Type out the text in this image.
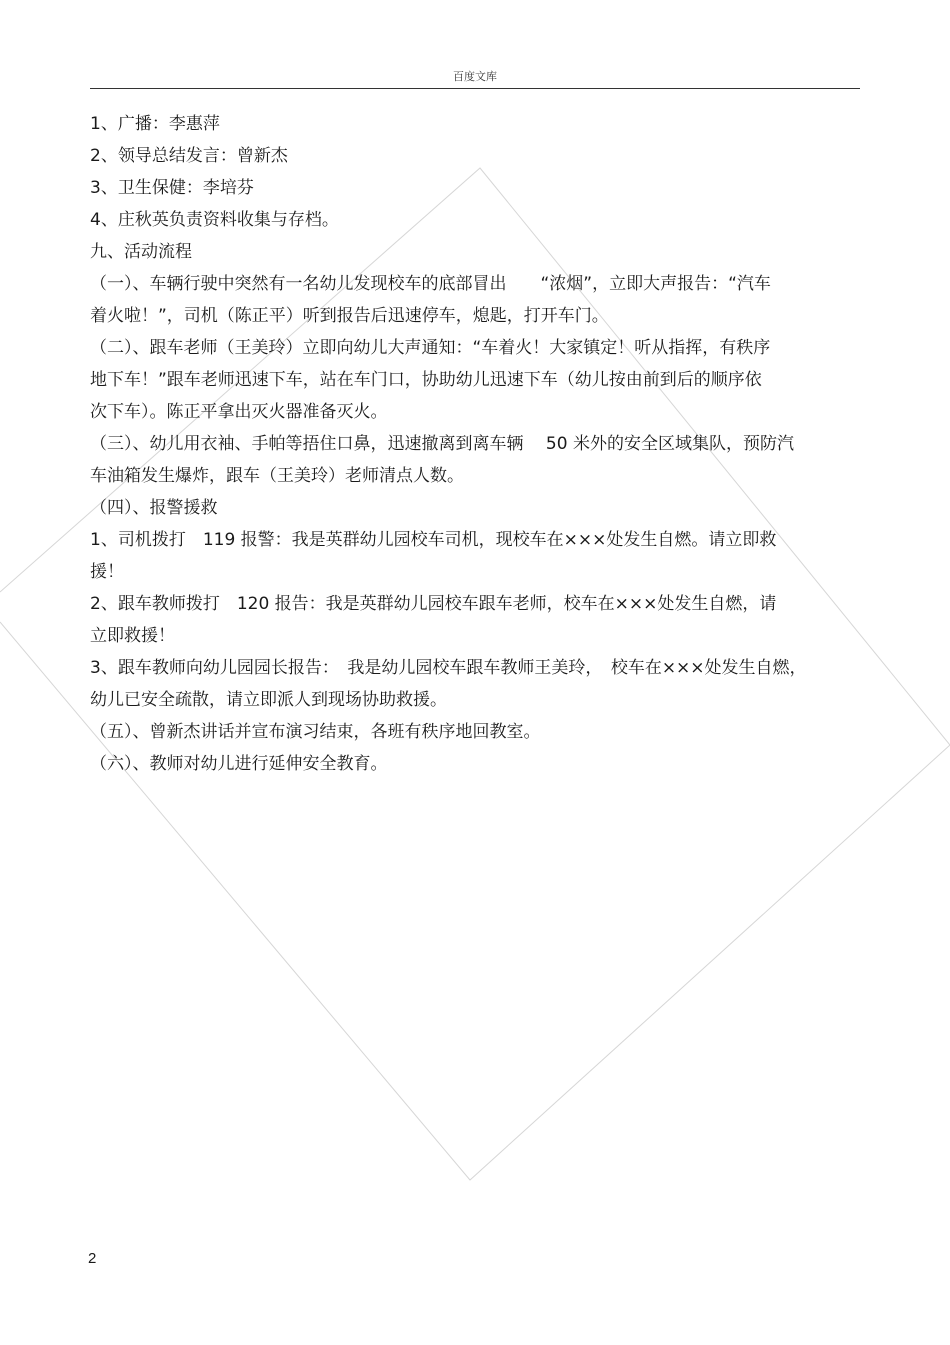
百度文库
1、广播：李惠萍
2、领导总结发言：曾新杰
3、卫生保健：李培芬
4、庄秋英负责资料收集与存档。
九、活动流程
（一）、车辆行驶中突然有一名幼儿发现校车的底部冒出　　“浓烟”，立即大声报告：“汽车
着火啦！”，司机（陈正平）听到报告后迅速停车，熄匙，打开车门。
（二）、跟车老师（王美玲）立即向幼儿大声通知：“车着火！大家镇定！听从指挥，有秩序
地下车！”跟车老师迅速下车，站在车门口，协助幼儿迅速下车（幼儿按由前到后的顺序依
次下车）。陈正平拿出灭火器准备灭火。
（三）、幼儿用衣袖、手帕等捂住口鼻，迅速撤离到离车辆　 50 米外的安全区域集队，预防汽
车油箱发生爆炸，跟车（王美玲）老师清点人数。
（四）、报警援救
1、司机拨打　119 报警：我是英群幼儿园校车司机，现校车在×××处发生自燃。请立即救
援！
2、跟车教师拨打　120 报告：我是英群幼儿园校车跟车老师，校车在×××处发生自燃，请
立即救援！
3、跟车教师向幼儿园园长报告：　我是幼儿园校车跟车教师王美玲，　校车在×××处发生自燃，
幼儿已安全疏散，请立即派人到现场协助救援。
（五）、曾新杰讲话并宣布演习结束，各班有秩序地回教室。
（六）、教师对幼儿进行延伸安全教育。
2
